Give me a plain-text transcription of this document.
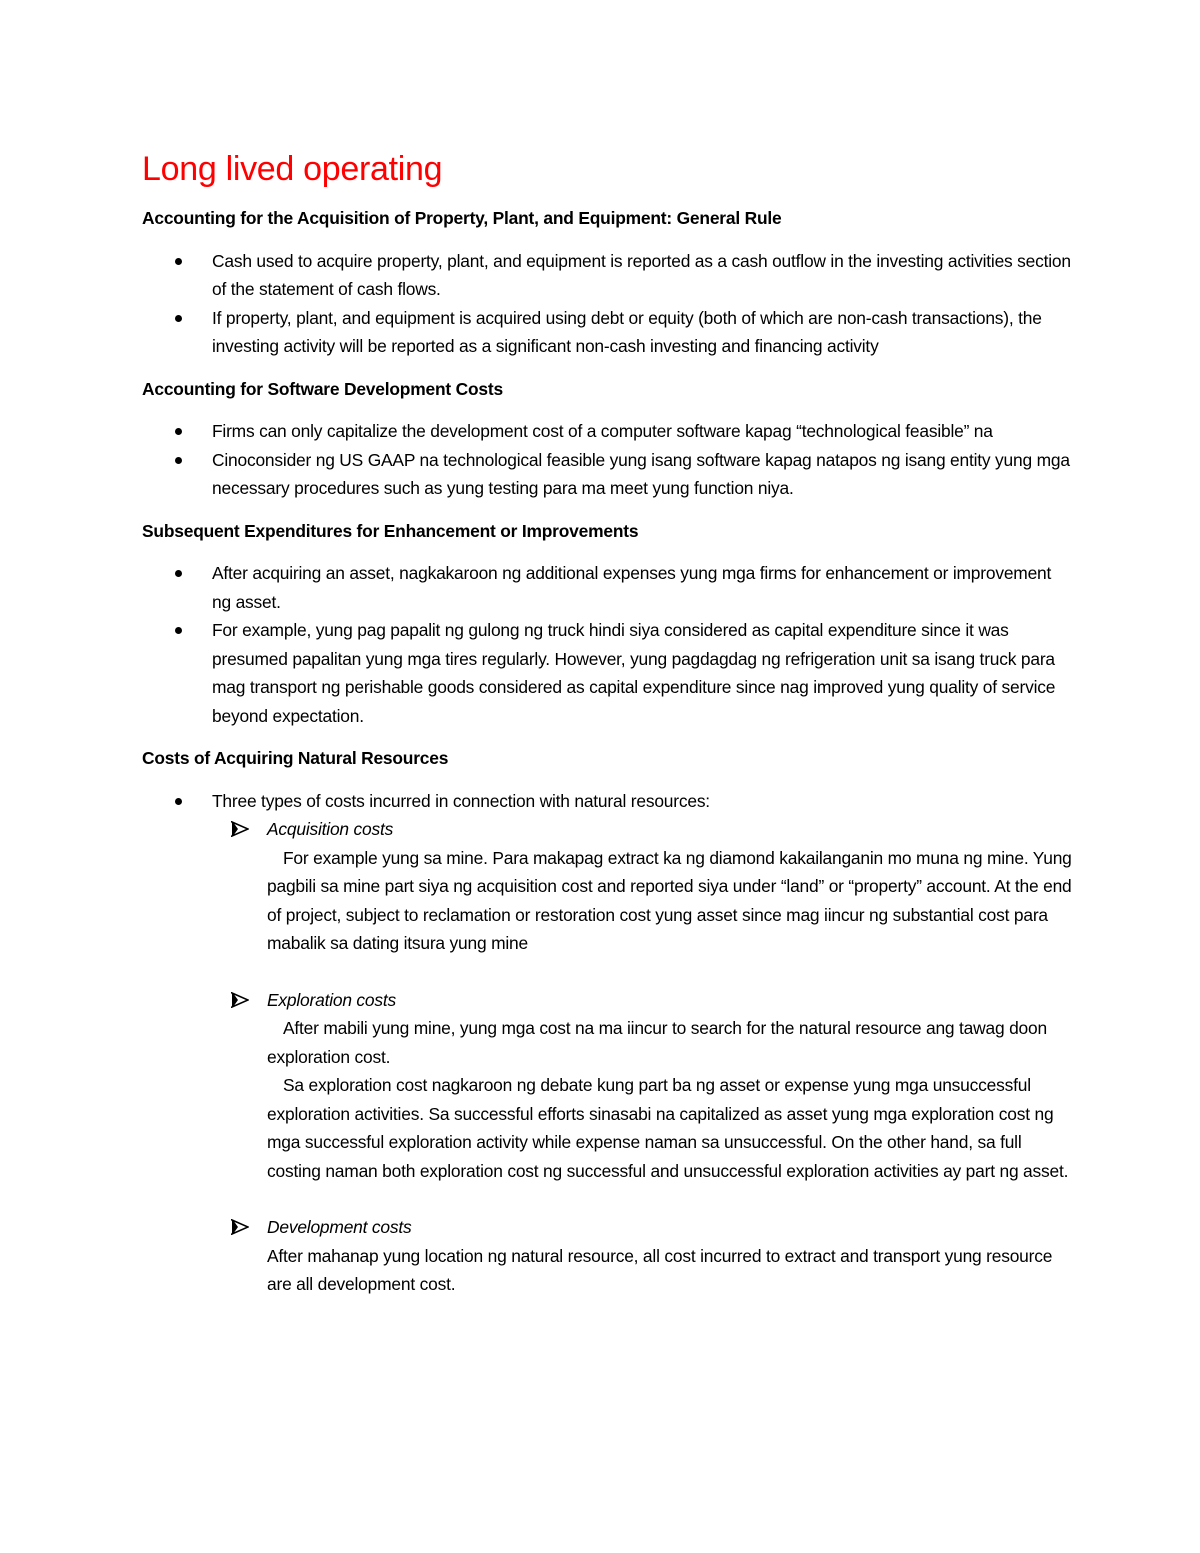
Long lived operating
Accounting for the Acquisition of Property, Plant, and Equipment: General Rule
Cash used to acquire property, plant, and equipment is reported as a cash outflow in the investing activities section of the statement of cash flows.
If property, plant, and equipment is acquired using debt or equity (both of which are non-cash transactions), the investing activity will be reported as a significant non-cash investing and financing activity
Accounting for Software Development Costs
Firms can only capitalize the development cost of a computer software kapag “technological feasible” na
Cinoconsider ng US GAAP na technological feasible yung isang software kapag natapos ng isang entity yung mga necessary procedures such as yung testing para ma meet yung function niya.
Subsequent Expenditures for Enhancement or Improvements
After acquiring an asset, nagkakaroon ng additional expenses yung mga firms for enhancement or improvement ng asset.
For example, yung pag papalit ng gulong ng truck hindi siya considered as capital expenditure since it was presumed papalitan yung mga tires regularly. However, yung pagdagdag ng refrigeration unit sa isang truck para mag transport ng perishable goods considered as capital expenditure since nag improved yung quality of service beyond expectation.
Costs of Acquiring Natural Resources
Three types of costs incurred in connection with natural resources:
Acquisition costs
For example yung sa mine. Para makapag extract ka ng diamond kakailanganin mo muna ng mine. Yung pagbili sa mine part siya ng acquisition cost and reported siya under “land” or “property” account. At the end of project, subject to reclamation or restoration cost yung asset since mag iincur ng substantial cost para mabalik sa dating itsura yung mine
Exploration costs
After mabili yung mine, yung mga cost na ma iincur to search for the natural resource ang tawag doon exploration cost.
Sa exploration cost nagkaroon ng debate kung part ba ng asset or expense yung mga unsuccessful exploration activities. Sa successful efforts sinasabi na capitalized as asset yung mga exploration cost ng mga successful exploration activity while expense naman sa unsuccessful. On the other hand, sa full costing naman both exploration cost ng successful and unsuccessful exploration activities ay part ng asset.
Development costs
After mahanap yung location ng natural resource, all cost incurred to extract and transport yung resource are all development cost.
